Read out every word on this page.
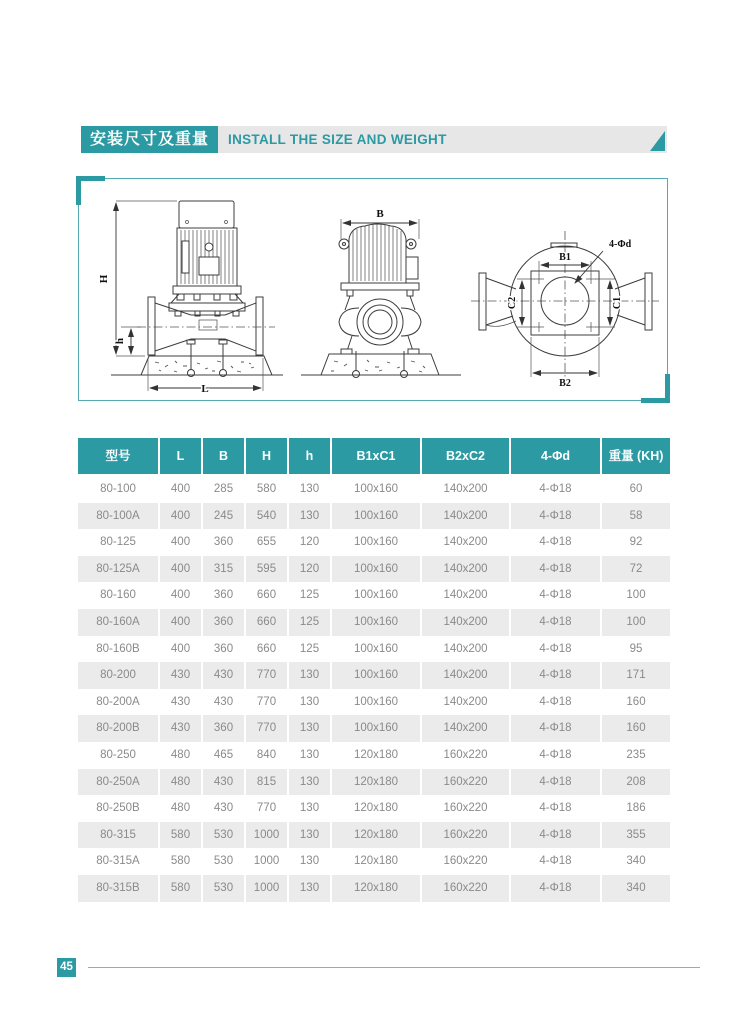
安装尺寸及重量	INSTALL THE SIZE AND WEIGHT
H
h
L
B
B1
B2
C2	C1
4-Φd
型号	L	B	H	h	B1xC1	B2xC2	4-Φd	重量 (KH)
80-100	400	285	580	130	100x160	140x200	4-Φ18	60
80-100A	400	245	540	130	100x160	140x200	4-Φ18	58
80-125	400	360	655	120	100x160	140x200	4-Φ18	92
80-125A	400	315	595	120	100x160	140x200	4-Φ18	72
80-160	400	360	660	125	100x160	140x200	4-Φ18	100
80-160A	400	360	660	125	100x160	140x200	4-Φ18	100
80-160B	400	360	660	125	100x160	140x200	4-Φ18	95
80-200	430	430	770	130	100x160	140x200	4-Φ18	171
80-200A	430	430	770	130	100x160	140x200	4-Φ18	160
80-200B	430	360	770	130	100x160	140x200	4-Φ18	160
80-250	480	465	840	130	120x180	160x220	4-Φ18	235
80-250A	480	430	815	130	120x180	160x220	4-Φ18	208
80-250B	480	430	770	130	120x180	160x220	4-Φ18	186
80-315	580	530	1000	130	120x180	160x220	4-Φ18	355
80-315A	580	530	1000	130	120x180	160x220	4-Φ18	340
80-315B	580	530	1000	130	120x180	160x220	4-Φ18	340
45
